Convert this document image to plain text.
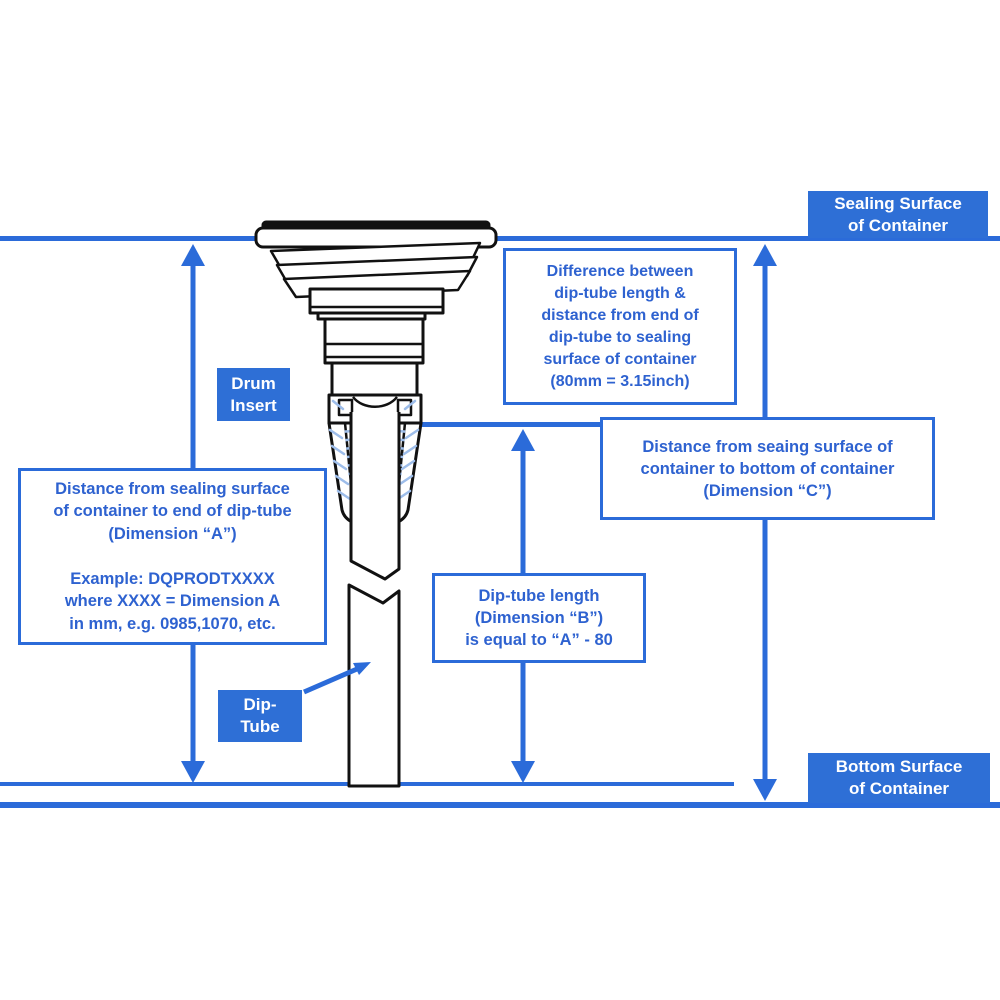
Difference between
dip-tube length &
distance from end of
dip-tube to sealing
surface of container
(80mm = 3.15inch)
Distance from seaing surface of
container to bottom of container
(Dimension “C”)
Distance from sealing surface
of container to end of dip-tube
(Dimension “A”)

Example: DQPRODTXXXX
where XXXX = Dimension A
in mm, e.g. 0985,1070, etc.
Dip-tube length
(Dimension “B”)
is equal to “A” - 80
Sealing Surface
of Container
Bottom Surface
of Container
Drum
Insert
Dip-
Tube
